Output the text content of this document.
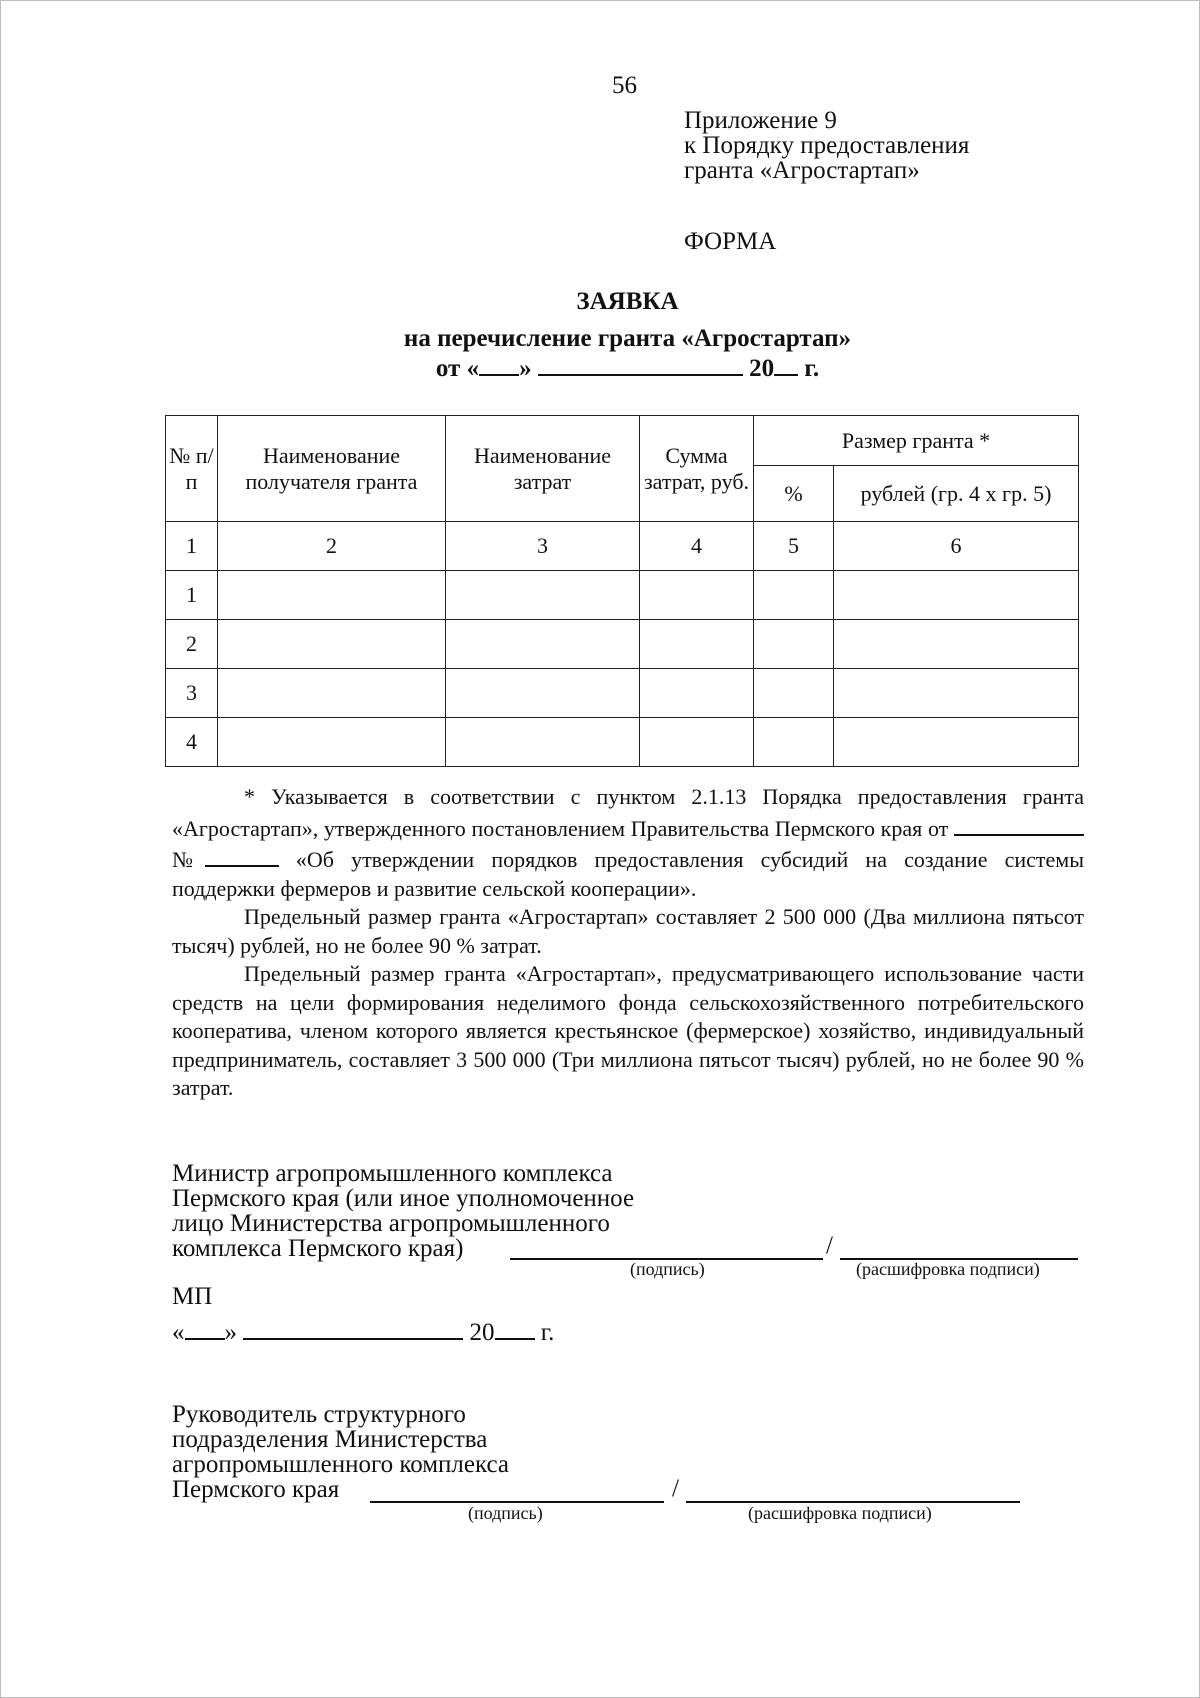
56
Приложение 9
к Порядку предоставления
гранта «Агростартап»
ФОРМА
ЗАЯВКА
на перечисление гранта «Агростартап»
от « »	20 г.
№ п/п	Наименование получателя гранта	Наименование затрат	Сумма затрат, руб.	Размер гранта *	
				%	рублей (гр. 4 х гр. 5)
1	2	3	4	5	6
1					
2					
3					
4					

* Указывается в соответствии с пунктом 2.1.13 Порядка предоставления гранта «Агростартап», утвержденного постановлением Правительства Пермского края от  №	«Об утверждении порядков предоставления субсидий на создание системы поддержки фермеров и развитие сельской кооперации».

Предельный размер гранта «Агростартап» составляет 2 500 000 (Два миллиона пятьсот тысяч) рублей, но не более 90 % затрат.

Предельный размер гранта «Агростартап», предусматривающего использование части средств на цели формирования неделимого фонда сельскохозяйственного потребительского кооператива, членом которого является крестьянское (фермерское) хозяйство, индивидуальный предприниматель, составляет 3 500 000 (Три миллиона пятьсот тысяч) рублей, но не более 90 % затрат.

Министр агропромышленного комплекса
Пермского края (или иное уполномоченное
лицо Министерства агропромышленного
комплекса Пермского края)	/
(подпись)	(расшифровка подписи)
МП
« »	20 г.
Руководитель структурного
подразделения Министерства
агропромышленного комплекса
Пермского края	/
(подпись)	(расшифровка подписи)
